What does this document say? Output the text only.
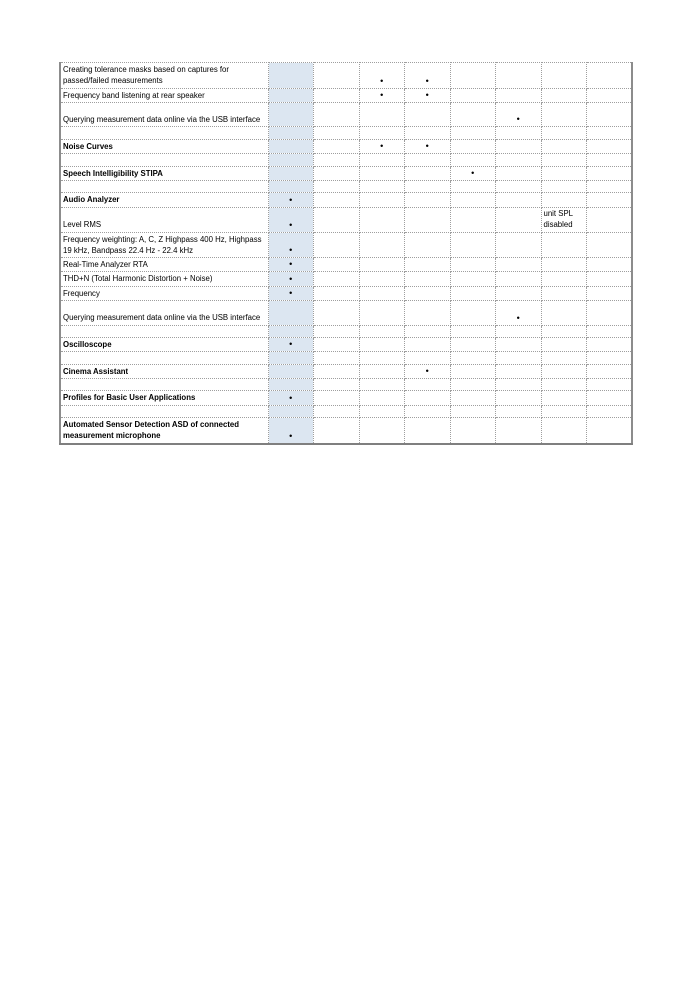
Creating tolerance masks based on captures for passed/failed measurements			•	•				
Frequency band listening at rear speaker			•	•				
Querying measurement data online via the USB interface						•		

Noise Curves			•	•				

Speech Intelligibility STIPA					•			

Audio Analyzer	•							
Level RMS	•						unit SPL disabled	

Frequency weighting: A, C, Z Highpass 400 Hz, Highpass 19 kHz, Bandpass 22.4 Hz - 22.4 kHz	•							
Real-Time Analyzer RTA	•							
THD+N (Total Harmonic Distortion + Noise)	•							
Frequency	•							
Querying measurement data online via the USB interface						•		

Oscilloscope	•							

Cinema Assistant				•				

Profiles for Basic User Applications	•							

Automated Sensor Detection ASD of connected measurement microphone	•							
